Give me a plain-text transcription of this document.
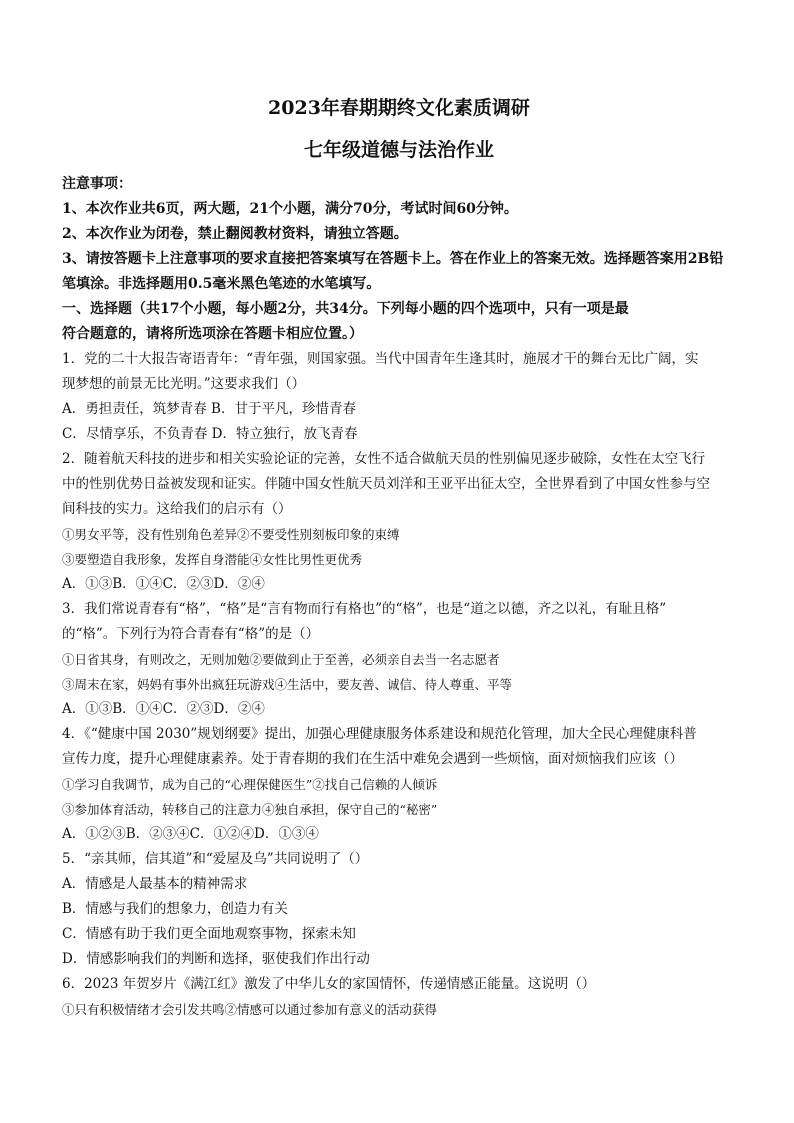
2023年春期期终文化素质调研

七年级道德与法治作业

注意事项：

1、本次作业共6页，两大题，21个小题，满分70分，考试时间60分钟。

2、本次作业为闭卷，禁止翻阅教材资料，请独立答题。

3、请按答题卡上注意事项的要求直接把答案填写在答题卡上。答在作业上的答案无效。选择题答案用2B铅笔填涂。非选择题用0.5毫米黑色笔迹的水笔填写。

一、选择题（共17个小题，每小题2分，共34分。下列每小题的四个选项中，只有一项是最

符合题意的，请将所选项涂在答题卡相应位置。）

1．党的二十大报告寄语青年：“青年强，则国家强。当代中国青年生逢其时，施展才干的舞台无比广阔，实

现梦想的前景无比光明。”这要求我们（）

A．勇担责任，筑梦青春 B．甘于平凡，珍惜青春

C．尽情享乐，不负青春 D．特立独行，放飞青春

2．随着航天科技的进步和相关实验论证的完善，女性不适合做航天员的性别偏见逐步破除，女性在太空飞行

中的性别优势日益被发现和证实。伴随中国女性航天员刘洋和王亚平出征太空，全世界看到了中国女性参与空

间科技的实力。这给我们的启示有（）

①男女平等，没有性别角色差异②不要受性别刻板印象的束缚

③要塑造自我形象，发挥自身潜能④女性比男性更优秀

A．①③B．①④C．②③D．②④

3．我们常说青春有“格”，“格”是“言有物而行有格也”的“格”，也是“道之以德，齐之以礼，有耻且格”

的“格”。下列行为符合青春有“格”的是（）

①日省其身，有则改之，无则加勉②要做到止于至善，必须亲自去当一名志愿者

③周末在家，妈妈有事外出疯狂玩游戏④生活中，要友善、诚信、待人尊重、平等

A．①③B．①④C．②③D．②④

4．《“健康中国 2030”规划纲要》提出，加强心理健康服务体系建设和规范化管理，加大全民心理健康科普

宣传力度，提升心理健康素养。处于青春期的我们在生活中难免会遇到一些烦恼，面对烦恼我们应该（）

①学习自我调节，成为自己的“心理保健医生”②找自己信赖的人倾诉

③参加体育活动，转移自己的注意力④独自承担，保守自己的“秘密”

A．①②③B．②③④C．①②④D．①③④

5．“亲其师，信其道”和“爱屋及乌”共同说明了（）

A．情感是人最基本的精神需求

B．情感与我们的想象力，创造力有关

C．情感有助于我们更全面地观察事物，探索未知

D．情感影响我们的判断和选择，驱使我们作出行动

6．2023 年贺岁片《满江红》激发了中华儿女的家国情怀，传递情感正能量。这说明（）

①只有积极情绪才会引发共鸣②情感可以通过参加有意义的活动获得
